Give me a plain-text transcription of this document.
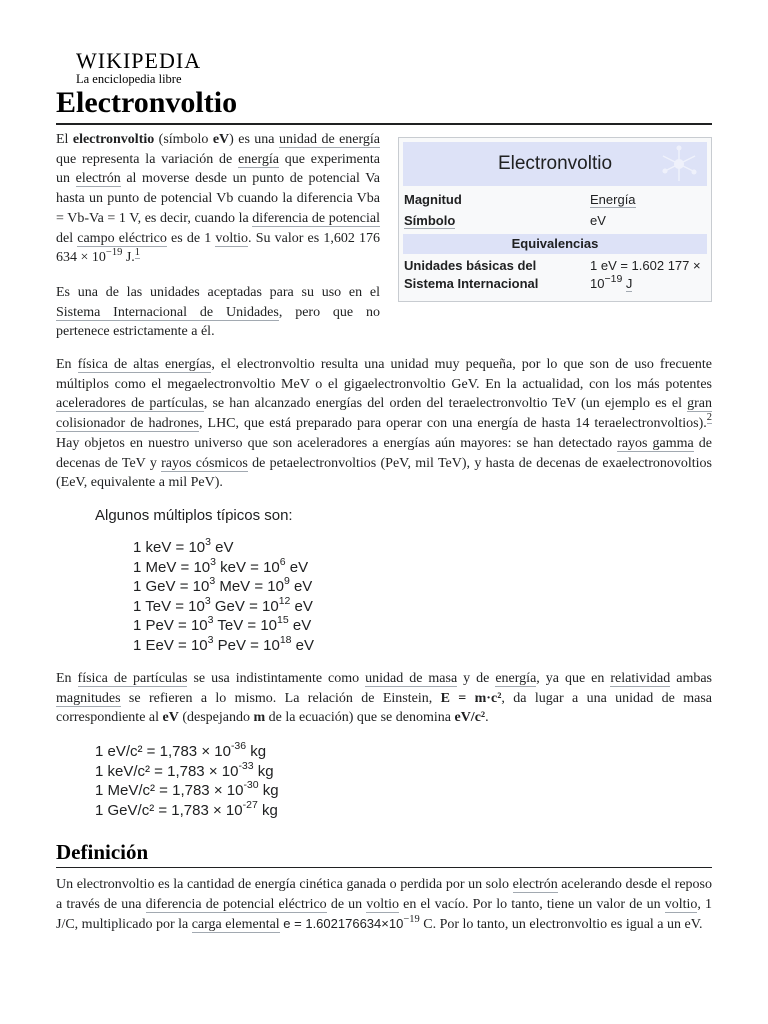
WIKIPEDIA
La enciclopedia libre
Electronvoltio

El electronvoltio (símbolo eV) es una unidad de energía que representa la variación de energía que experimenta un electrón al moverse desde un punto de potencial Va hasta un punto de potencial Vb cuando la diferencia Vba = Vb-Va = 1 V, es decir, cuando la diferencia de potencial del campo eléctrico es de 1 voltio. Su valor es 1,602 176 $634 \times 10^{-19}$ J.$^1$

Es una de las unidades aceptadas para su uso en el Sistema Internacional de Unidades, pero que no pertenece estrictamente a él.

Electronvoltio
Magnitud	Energía
Símbolo	eV
Equivalencias
Unidades básicas del
Sistema Internacional
1 eV = 1.602 177 ×
$10^{-19}$ J

En física de altas energías, el electronvoltio resulta una unidad muy pequeña, por lo que son de uso frecuente múltiplos como el megaelectronvoltio MeV o el gigaelectronvoltio GeV. En la actualidad, con los más potentes aceleradores de partículas, se han alcanzado energías del orden del teraelectronvoltio TeV (un ejemplo es el gran colisionador de hadrones, LHC, que está preparado para operar con una energía de hasta 14 teraelectronvoltios).$^2$ Hay objetos en nuestro universo que son aceleradores a energías aún mayores: se han detectado rayos gamma de decenas de TeV y rayos cósmicos de petaelectronvoltios (PeV, mil TeV), y hasta de decenas de exaelectronovoltios (EeV, equivalente a mil PeV).

Algunos múltiplos típicos son:
1 keV = $10^3$ eV
1 MeV = $10^3$ keV = $10^6$ eV
1 GeV = $10^3$ MeV = $10^9$ eV
1 TeV = $10^3$ GeV = $10^{12}$ eV
1 PeV = $10^3$ TeV = $10^{15}$ eV
1 EeV = $10^3$ PeV = $10^{18}$ eV

En física de partículas se usa indistintamente como unidad de masa y de energía, ya que en relatividad ambas magnitudes se refieren a lo mismo. La relación de Einstein, E = m·c², da lugar a una unidad de masa correspondiente al eV (despejando m de la ecuación) que se denomina eV/c².

1 $eV/c^2 = 1,783 \times 10^{-36}$ kg
1 $keV/c^2 = 1,783 \times 10^{-33}$ kg
1 $MeV/c^2 = 1,783 \times 10^{-30}$ kg
1 $GeV/c^2 = 1,783 \times 10^{-27}$ kg
Definición

Un electronvoltio es la cantidad de energía cinética ganada o perdida por un solo electrón acelerando desde el reposo a través de una diferencia de potencial eléctrico de un voltio en el vacío. Por lo tanto, tiene un valor de un voltio, 1 J/C, multiplicado por la carga elemental $e = 1.602176634\times 10^{-19}$ C. Por lo tanto, un electronvoltio es igual a un eV.
